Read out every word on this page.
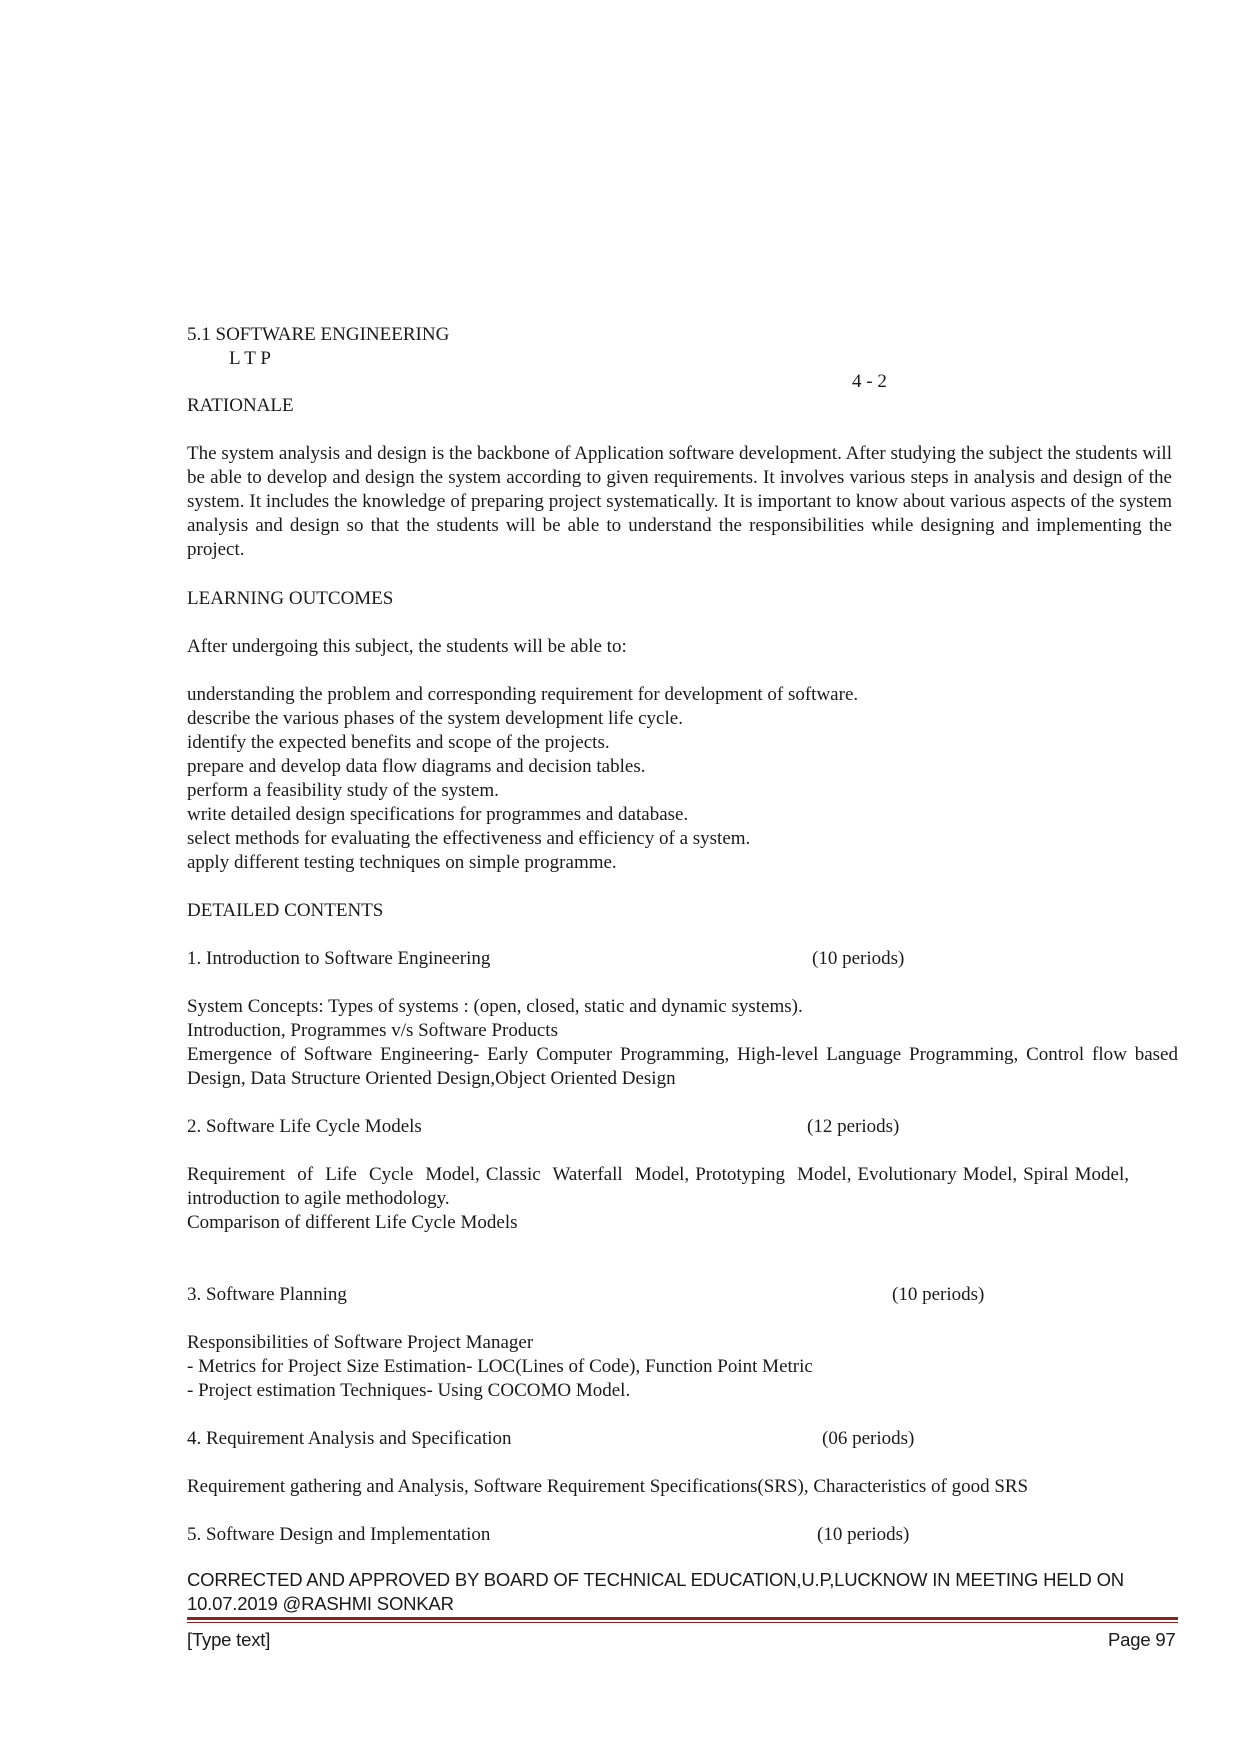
5.1 SOFTWARE ENGINEERING

L T P

4 - 2

RATIONALE

The system analysis and design is the backbone of Application software development. After studying the subject the students will be able to develop and design the system according to given requirements. It involves various steps in analysis and design of the system. It includes the knowledge of preparing project systematically. It is important to know about various aspects of the system analysis and design so that the students will be able to understand the responsibilities while designing and implementing the project.

LEARNING OUTCOMES

After undergoing this subject, the students will be able to:

understanding the problem and corresponding requirement for development of software.

describe the various phases of the system development life cycle.

identify the expected benefits and scope of the projects.

prepare and develop data flow diagrams and decision tables.

perform a feasibility study of the system.

write detailed design specifications for programmes and database.

select methods for evaluating the effectiveness and efficiency of a system.

apply different testing techniques on simple programme.

DETAILED CONTENTS

1. Introduction to Software Engineering	(10 periods)

System Concepts: Types of systems : (open, closed, static and dynamic systems).

Introduction, Programmes v/s Software Products

Emergence of Software Engineering- Early Computer Programming, High-level Language Programming, Control flow based Design, Data Structure Oriented Design,Object Oriented Design

2. Software Life Cycle Models	(12 periods)

Requirement  of  Life  Cycle  Model, Classic  Waterfall  Model, Prototyping  Model, Evolutionary Model, Spiral Model, introduction to agile methodology.

Comparison of different Life Cycle Models

3. Software Planning	(10 periods)

Responsibilities of Software Project Manager

- Metrics for Project Size Estimation- LOC(Lines of Code), Function Point Metric

- Project estimation Techniques- Using COCOMO Model.

4. Requirement Analysis and Specification	(06 periods)

Requirement gathering and Analysis, Software Requirement Specifications(SRS), Characteristics of good SRS

5. Software Design and Implementation	(10 periods)

CORRECTED AND APPROVED BY BOARD OF TECHNICAL EDUCATION,U.P,LUCKNOW IN MEETING HELD ON

10.07.2019 @RASHMI SONKAR

[Type text]	Page 97
